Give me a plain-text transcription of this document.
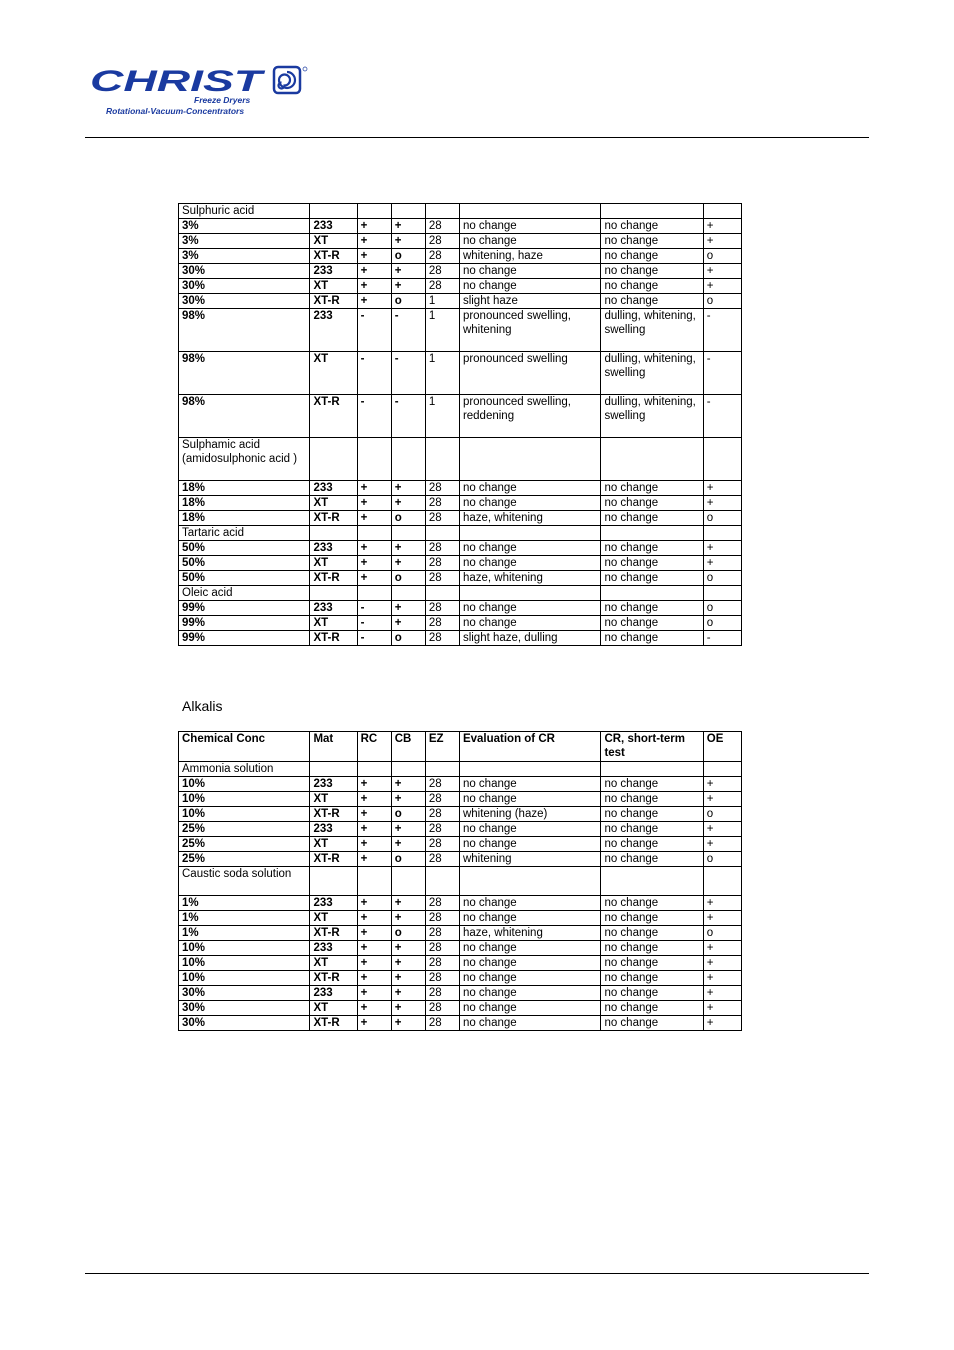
CHRIST
Freeze Dryers
Rotational-Vacuum-Concentrators
Sulphuric acid							
3%	233	+	+	28	no change	no change	+
3%	XT	+	+	28	no change	no change	+
3%	XT-R	+	o	28	whitening, haze	no change	o
30%	233	+	+	28	no change	no change	+
30%	XT	+	+	28	no change	no change	+
30%	XT-R	+	o	1	slight haze	no change	o
98%	233	-	-	1	pronounced swelling, whitening	dulling, whitening, swelling	-
98%	XT	-	-	1	pronounced swelling	dulling, whitening, swelling	-
98%	XT-R	-	-	1	pronounced swelling, reddening	dulling, whitening, swelling	-
Sulphamic acid (amidosulphonic acid )							
18%	233	+	+	28	no change	no change	+
18%	XT	+	+	28	no change	no change	+
18%	XT-R	+	o	28	haze, whitening	no change	o
Tartaric acid							
50%	233	+	+	28	no change	no change	+
50%	XT	+	+	28	no change	no change	+
50%	XT-R	+	o	28	haze, whitening	no change	o
Oleic acid							
99%	233	-	+	28	no change	no change	o
99%	XT	-	+	28	no change	no change	o
99%	XT-R	-	o	28	slight haze, dulling	no change	-
Alkalis
Chemical Conc	Mat	RC	CB	EZ	Evaluation of CR	CR, short-term test	OE
Ammonia solution							
10%	233	+	+	28	no change	no change	+
10%	XT	+	+	28	no change	no change	+
10%	XT-R	+	o	28	whitening (haze)	no change	o
25%	233	+	+	28	no change	no change	+
25%	XT	+	+	28	no change	no change	+
25%	XT-R	+	o	28	whitening	no change	o
Caustic soda solution							
1%	233	+	+	28	no change	no change	+
1%	XT	+	+	28	no change	no change	+
1%	XT-R	+	o	28	haze, whitening	no change	o
10%	233	+	+	28	no change	no change	+
10%	XT	+	+	28	no change	no change	+
10%	XT-R	+	+	28	no change	no change	+
30%	233	+	+	28	no change	no change	+
30%	XT	+	+	28	no change	no change	+
30%	XT-R	+	+	28	no change	no change	+
